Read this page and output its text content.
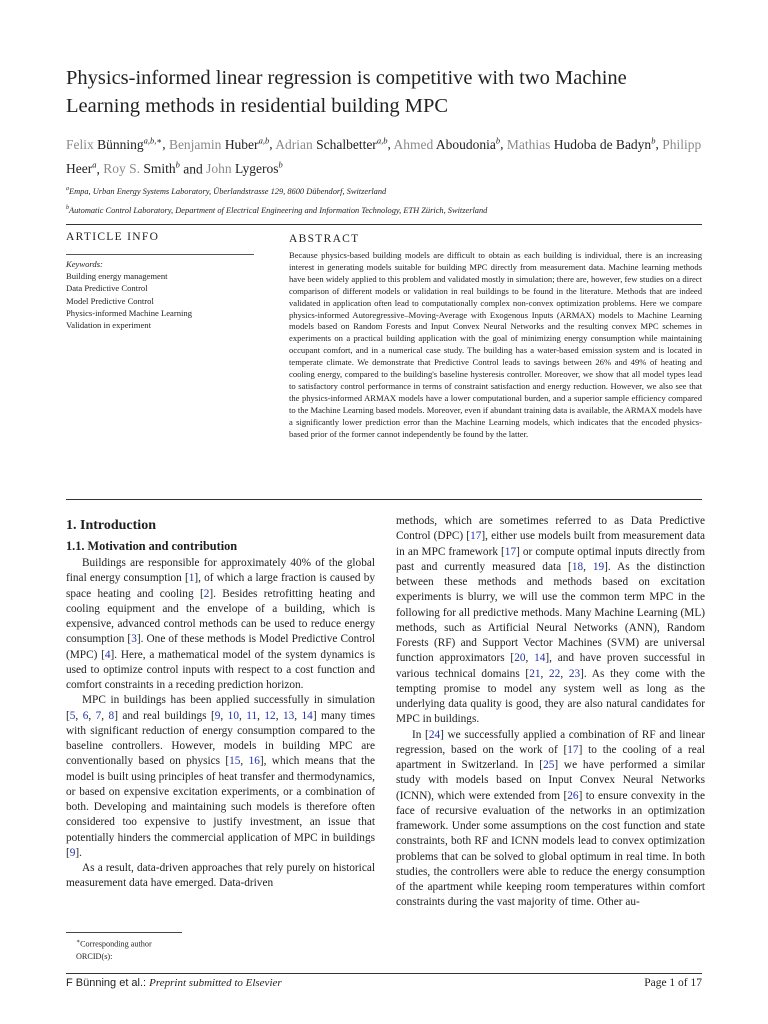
Physics-informed linear regression is competitive with two Machine
Learning methods in residential building MPC
Felix Bünning$^{a,b,∗}$, Benjamin Huber$^{a,b}$, Adrian Schalbetter$^{a,b}$, Ahmed Aboudonia$^b$, Mathias Hudoba de Badyn$^b$, Philipp Heer$^a$, Roy S. Smith$^b$ and John Lygeros$^b$
$^a$Empa, Urban Energy Systems Laboratory, Überlandstrasse 129, 8600 Dübendorf, Switzerland
$^b$Automatic Control Laboratory, Department of Electrical Engineering and Information Technology, ETH Zürich, Switzerland
ARTICLE INFO
Keywords:
Building energy management
Data Predictive Control
Model Predictive Control
Physics-informed Machine Learning
Validation in experiment
ABSTRACT

Because physics-based building models are difficult to obtain as each building is individual, there is an increasing interest in generating models suitable for building MPC directly from measurement data. Machine learning methods have been widely applied to this problem and validated mostly in simulation; there are, however, few studies on a direct comparison of different models or validation in real buildings to be found in the literature. Methods that are indeed validated in application often lead to computationally complex non-convex optimization problems. Here we compare physics-informed Autoregressive–Moving-Average with Exogenous Inputs (ARMAX) models to Machine Learning models based on Random Forests and Input Convex Neural Networks and the resulting convex MPC schemes in experiments on a practical building application with the goal of minimizing energy consumption while maintaining occupant comfort, and in a numerical case study. The building has a water-based emission system and is located in temperate climate. We demonstrate that Predictive Control leads to savings between 26% and 49% of heating and cooling energy, compared to the building's baseline hysteresis controller. Moreover, we show that all model types lead to satisfactory control performance in terms of constraint satisfaction and energy reduction. However, we also see that the physics-informed ARMAX models have a lower computational burden, and a superior sample efficiency compared to the Machine Learning based models. Moreover, even if abundant training data is available, the ARMAX models have a significantly lower prediction error than the Machine Learning models, which indicates that the encoded physics-based prior of the former cannot independently be found by the latter.

1. Introduction
1.1. Motivation and contribution

Buildings are responsible for approximately 40% of the global final energy consumption [1], of which a large fraction is caused by space heating and cooling [2]. Besides retrofitting heating and cooling equipment and the envelope of a building, which is expensive, advanced control methods can be used to reduce energy consumption [3]. One of these methods is Model Predictive Control (MPC) [4]. Here, a mathematical model of the system dynamics is used to optimize control inputs with respect to a cost function and comfort constraints in a receding prediction horizon.

MPC in buildings has been applied successfully in simulation [5, 6, 7, 8] and real buildings [9, 10, 11, 12, 13, 14] many times with significant reduction of energy consumption compared to the baseline controllers. However, models in building MPC are conventionally based on physics [15, 16], which means that the model is built using principles of heat transfer and thermodynamics, or based on expensive excitation experiments, or a combination of both. Developing and maintaining such models is therefore often considered too expensive to justify investment, an issue that potentially hinders the commercial application of MPC in buildings [9].

As a result, data-driven approaches that rely purely on historical measurement data have emerged. Data-driven

methods, which are sometimes referred to as Data Predictive Control (DPC) [17], either use models built from measurement data in an MPC framework [17] or compute optimal inputs directly from past and currently measured data [18, 19]. As the distinction between these methods and methods based on excitation experiments is blurry, we will use the common term MPC in the following for all predictive methods. Many Machine Learning (ML) methods, such as Artificial Neural Networks (ANN), Random Forests (RF) and Support Vector Machines (SVM) are universal function approximators [20, 14], and have proven successful in various technical domains [21, 22, 23]. As they come with the tempting promise to model any system well as long as the underlying data quality is good, they are also natural candidates for MPC in buildings.

In [24] we successfully applied a combination of RF and linear regression, based on the work of [17] to the cooling of a real apartment in Switzerland. In [25] we have performed a similar study with models based on Input Convex Neural Networks (ICNN), which were extended from [26] to ensure convexity in the face of recursive evaluation of the networks in an optimization framework. Under some assumptions on the cost function and state constraints, both RF and ICNN models lead to convex optimization problems that can be solved to global optimum in real time. In both studies, the controllers were able to reduce the energy consumption of the apartment while keeping room temperatures within comfort constraints during the vast majority of time. Other au-

∗Corresponding author
ORCID(s):
F Bünning et al.: Preprint submitted to Elsevier	Page 1 of 17
